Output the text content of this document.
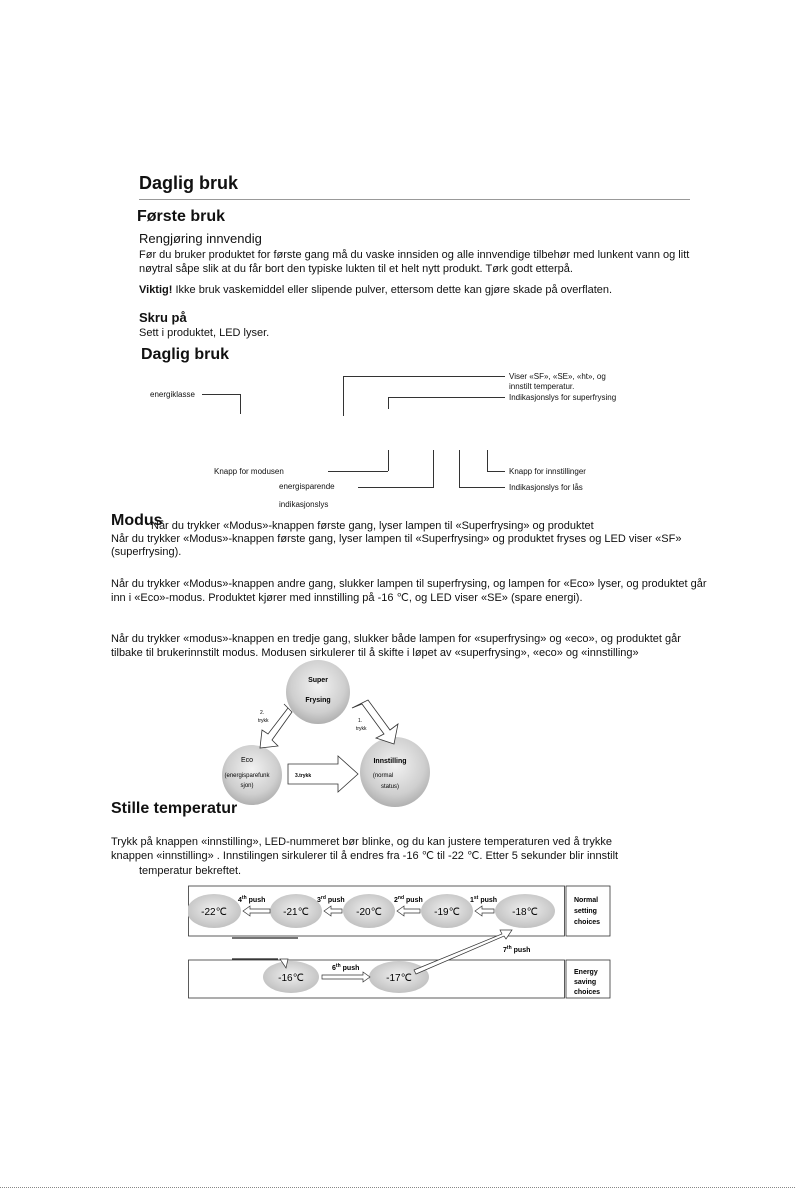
Daglig bruk
Første bruk
Rengjøring innvendig
Før du bruker produktet for første gang må du vaske innsiden og alle innvendige tilbehør med lunkent vann og litt
nøytral såpe slik at du får bort den typiske lukten til et helt nytt produkt. Tørk godt etterpå.
Viktig! Ikke bruk vaskemiddel eller slipende pulver, ettersom dette kan gjøre skade på overflaten.
Skru på
Sett i produktet, LED lyser.
Daglig bruk
energiklasse
Viser «SF», «SE», «ht», og
innstilt temperatur.
Indikasjonslys for superfrysing
Knapp for modusen
energisparende
indikasjonslys
Knapp for innstillinger
Indikasjonslys for lås
Modus
Når du trykker «Modus»-knappen første gang, lyser lampen til «Superfrysing» og produktet
Når du trykker «Modus»-knappen første gang, lyser lampen til «Superfrysing» og produktet fryses og LED viser «SF»
(superfrysing).
Når du trykker «Modus»-knappen andre gang, slukker lampen til superfrysing, og lampen for «Eco» lyser, og produktet går
inn i «Eco»-modus. Produktet kjører med innstilling på -16 ℃, og LED viser «SE» (spare energi).
Når du trykker «modus»-knappen en tredje gang, slukker både lampen for «superfrysing» og «eco», og produktet går
tilbake til brukerinnstilt modus. Modusen sirkulerer til å skifte i løpet av «superfrysing», «eco» og «innstilling»
Super
Frysing
Eco
(energisparefunk
sjon)
Innstilling
(normal
status)
1.
trykk
2.
trykk
3.trykk
Stille temperatur
Trykk på knappen «innstilling», LED-nummeret bør blinke, og du kan justere temperaturen ved å trykke
knappen «innstilling» . Innstilingen sirkulerer til å endres fra -16 ℃ til -22 ℃. Etter 5 sekunder blir innstilt
temperatur bekreftet.
Normal
setting
choices
Energy
saving
choices
-22℃	-21℃	-20℃	-19℃	-18℃
4th push	3rd push	2nd push	1st push
-16℃	-17℃
6th push
7th push
